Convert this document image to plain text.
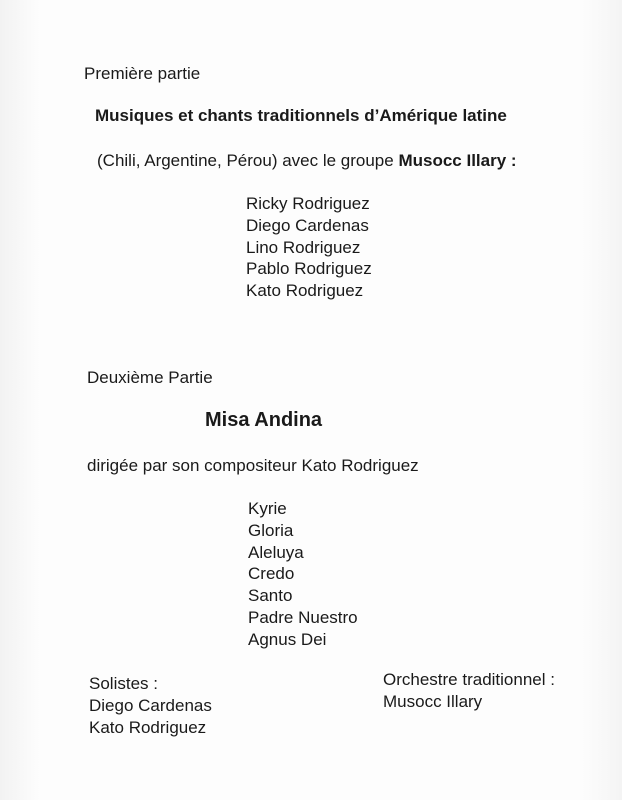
Première partie
Musiques et chants traditionnels d’Amérique latine
(Chili, Argentine, Pérou) avec le groupe Musocc Illary :
Ricky Rodriguez
Diego Cardenas
Lino Rodriguez
Pablo Rodriguez
Kato Rodriguez
Deuxième Partie
Misa Andina
dirigée par son compositeur Kato Rodriguez
Kyrie
Gloria
Aleluya
Credo
Santo
Padre Nuestro
Agnus Dei
Solistes :
Diego Cardenas
Kato Rodriguez
Orchestre traditionnel :
Musocc Illary
